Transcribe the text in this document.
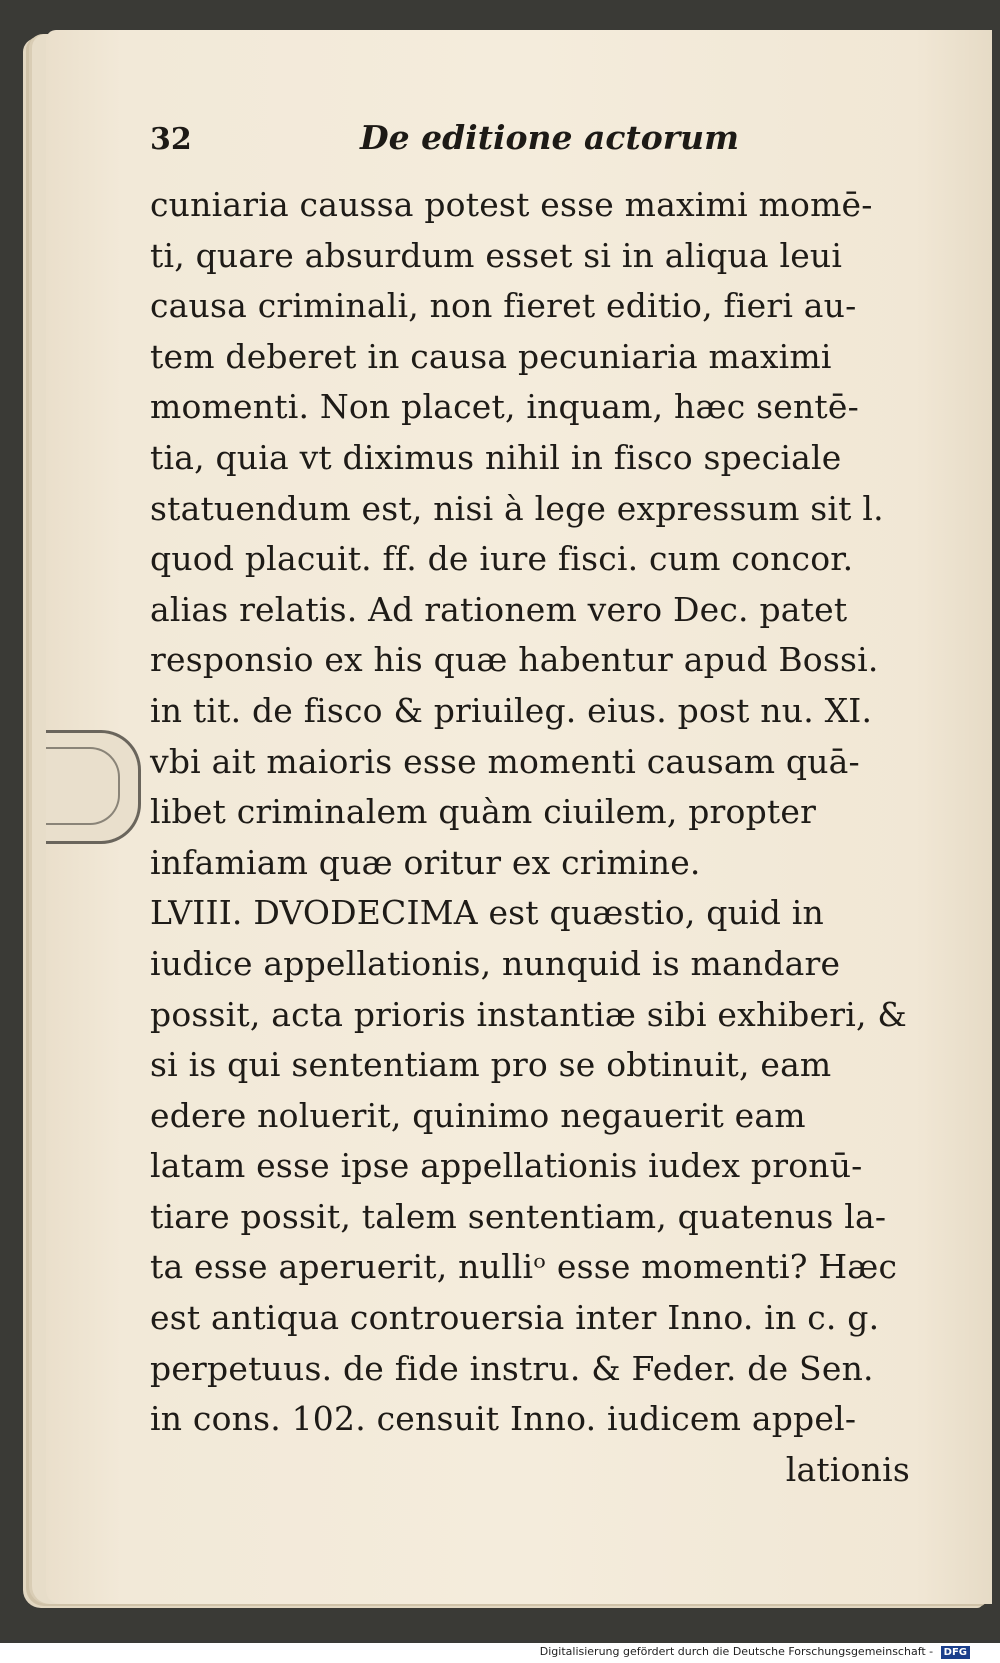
32	De editione actorum
cuniaria caussa potest esse maximi momē-
ti, quare absurdum esset si in aliqua leui
causa criminali, non fieret editio, fieri au-
tem deberet in causa pecuniaria maximi
momenti. Non placet, inquam, hæc sentē-
tia, quia vt diximus nihil in fisco speciale
statuendum est, nisi à lege expressum sit l.
quod placuit. ff. de iure fisci. cum concor.
alias relatis. Ad rationem vero Dec. patet
responsio ex his quæ habentur apud Bossi.
in tit. de fisco & priuileg. eius. post nu. XI.
vbi ait maioris esse momenti causam quā-
libet criminalem quàm ciuilem, propter
infamiam quæ oritur ex crimine.
LVIII. DVODECIMA est quæstio, quid in
iudice appellationis, nunquid is mandare
possit, acta prioris instantiæ sibi exhiberi, &
si is qui sententiam pro se obtinuit, eam
edere noluerit, quinimo negauerit eam
latam esse ipse appellationis iudex pronū-
tiare possit, talem sententiam, quatenus la-
ta esse aperuerit, nulliᵒ esse momenti? Hæc
est antiqua controuersia inter Inno. in c. g.
perpetuus. de fide instru. & Feder. de Sen.
in cons. 102. censuit Inno. iudicem appel-
lationis
Digitalisierung gefördert durch die Deutsche Forschungsgemeinschaft - DFG
